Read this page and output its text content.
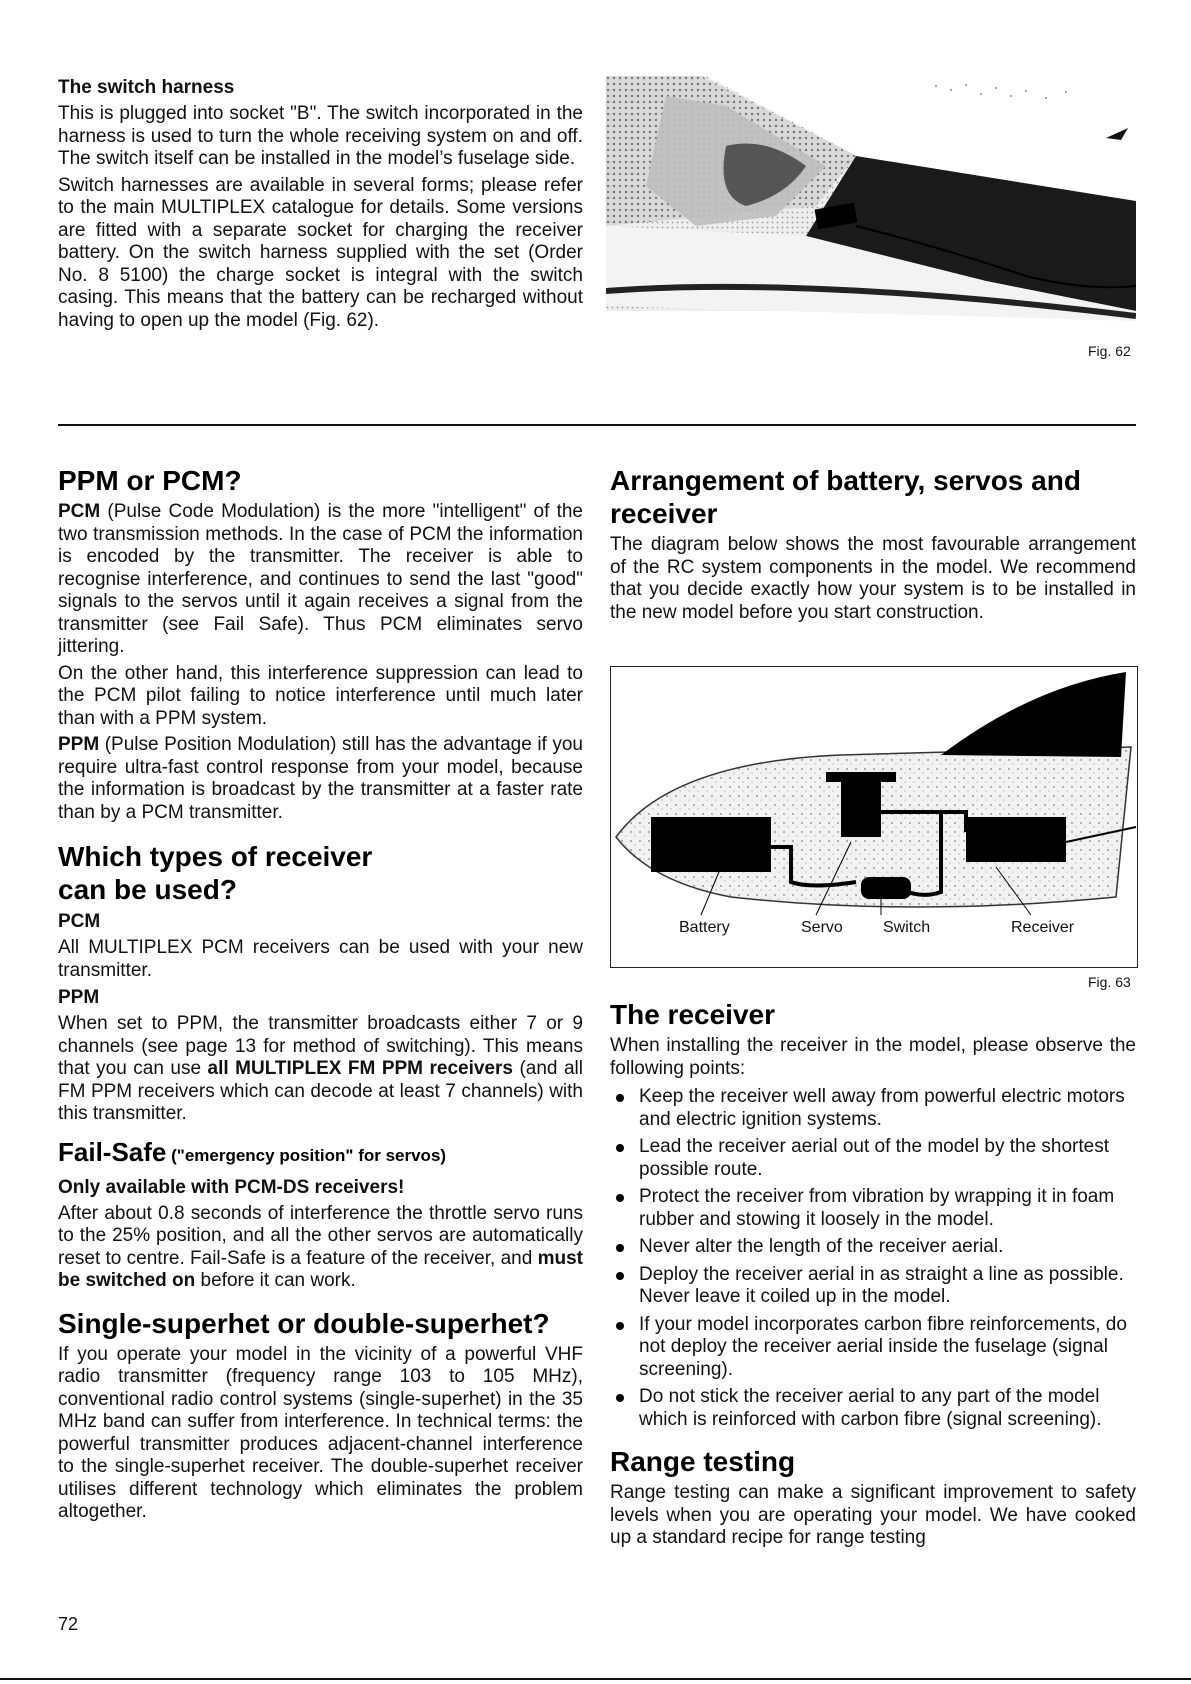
The switch harness

This is plugged into socket "B". The switch incorporated in the harness is used to turn the whole receiving system on and off. The switch itself can be installed in the model’s fuselage side.

Switch harnesses are available in several forms; please refer to the main MULTIPLEX catalogue for details. Some versions are fitted with a separate socket for charging the receiver battery. On the switch harness supplied with the set (Order No. 8 5100) the charge socket is integral with the switch casing. This means that the battery can be recharged without having to open up the model (Fig. 62).

Fig. 62

PPM or PCM?

PCM (Pulse Code Modulation) is the more "intelligent" of the two transmission methods. In the case of PCM the information is encoded by the transmitter. The receiver is able to recognise interference, and continues to send the last "good" signals to the servos until it again receives a signal from the transmitter (see Fail Safe). Thus PCM eliminates servo jittering.

On the other hand, this interference suppression can lead to the PCM pilot failing to notice interference until much later than with a PPM system.

PPM (Pulse Position Modulation) still has the advantage if you require ultra-fast control response from your model, because the information is broadcast by the transmitter at a faster rate than by a PCM transmitter.

Which types of receiver
can be used?

PCM

All MULTIPLEX PCM receivers can be used with your new transmitter.

PPM

When set to PPM, the transmitter broadcasts either 7 or 9 channels (see page 13 for method of switching). This means that you can use all MULTIPLEX FM PPM receivers (and all FM PPM receivers which can decode at least 7 channels) with this transmitter.

Fail-Safe ("emergency position" for servos)

Only available with PCM-DS receivers!

After about 0.8 seconds of interference the throttle servo runs to the 25% position, and all the other servos are automatically reset to centre. Fail-Safe is a feature of the receiver, and must be switched on before it can work.

Single-superhet or double-superhet?

If you operate your model in the vicinity of a powerful VHF radio transmitter (frequency range 103 to 105 MHz), conventional radio control systems (single-superhet) in the 35 MHz band can suffer from interference. In technical terms: the powerful transmitter produces adjacent-channel interference to the single-superhet receiver. The double-superhet receiver utilises different technology which eliminates the problem altogether.

72

Arrangement of battery, servos and
receiver

The diagram below shows the most favourable arrangement of the RC system components in the model. We recommend that you decide exactly how your system is to be installed in the new model before you start construction.

Battery	Servo	Switch	Receiver
Fig. 63

The receiver

When installing the receiver in the model, please observe the following points:

Keep the receiver well away from powerful electric motors and electric ignition systems.
Lead the receiver aerial out of the model by the shortest possible route.
Protect the receiver from vibration by wrapping it in foam rubber and stowing it loosely in the model.
Never alter the length of the receiver aerial.
Deploy the receiver aerial in as straight a line as possible. Never leave it coiled up in the model.
If your model incorporates carbon fibre reinforcements, do not deploy the receiver aerial inside the fuselage (signal screening).
Do not stick the receiver aerial to any part of the model which is reinforced with carbon fibre (signal screening).

Range testing

Range testing can make a significant improvement to safety levels when you are operating your model. We have cooked up a standard recipe for range testing
